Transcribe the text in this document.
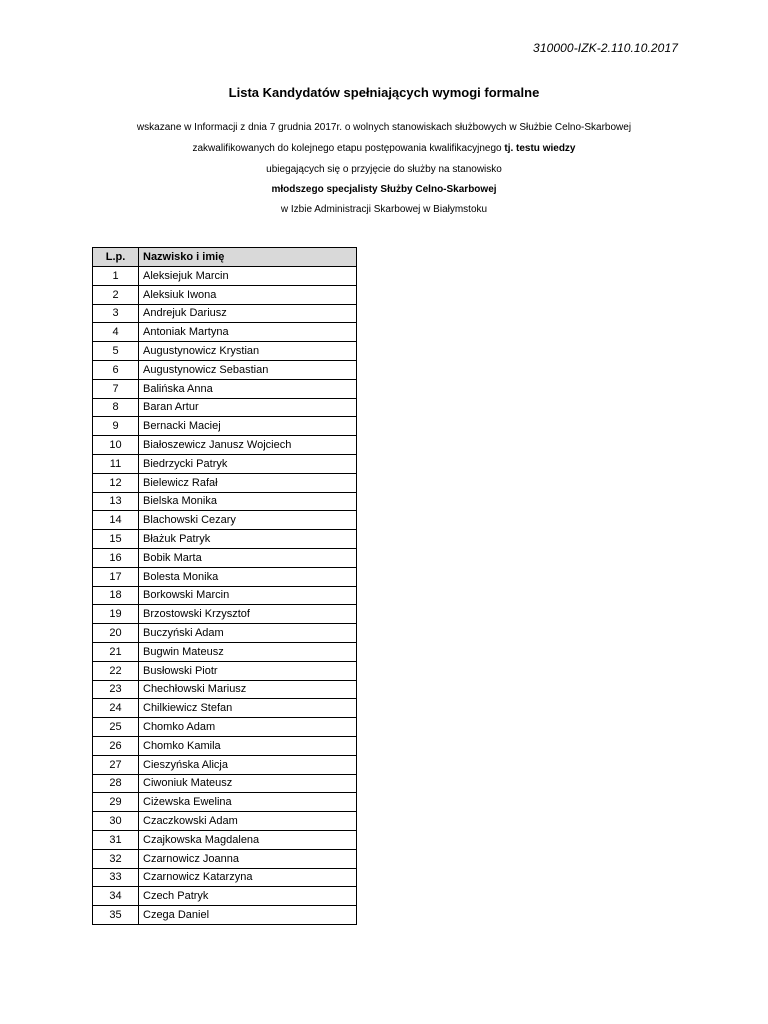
310000-IZK-2.110.10.2017
Lista Kandydatów spełniających wymogi formalne
wskazane w Informacji z dnia 7 grudnia 2017r. o wolnych stanowiskach służbowych w Służbie Celno-Skarbowej
zakwalifikowanych do kolejnego etapu postępowania kwalifikacyjnego tj. testu wiedzy
ubiegających się o przyjęcie do służby na stanowisko
młodszego specjalisty Służby Celno-Skarbowej
w Izbie Administracji Skarbowej w Białymstoku
L.p.	Nazwisko i imię
1	Aleksiejuk Marcin
2	Aleksiuk Iwona
3	Andrejuk Dariusz
4	Antoniak Martyna
5	Augustynowicz Krystian
6	Augustynowicz Sebastian
7	Balińska Anna
8	Baran Artur
9	Bernacki Maciej
10	Białoszewicz Janusz Wojciech
11	Biedrzycki Patryk
12	Bielewicz Rafał
13	Bielska Monika
14	Blachowski Cezary
15	Błażuk Patryk
16	Bobik Marta
17	Bolesta Monika
18	Borkowski Marcin
19	Brzostowski Krzysztof
20	Buczyński Adam
21	Bugwin Mateusz
22	Busłowski Piotr
23	Chechłowski Mariusz
24	Chilkiewicz Stefan
25	Chomko Adam
26	Chomko Kamila
27	Cieszyńska Alicja
28	Ciwoniuk Mateusz
29	Ciżewska Ewelina
30	Czaczkowski Adam
31	Czajkowska Magdalena
32	Czarnowicz Joanna
33	Czarnowicz Katarzyna
34	Czech Patryk
35	Czega Daniel
